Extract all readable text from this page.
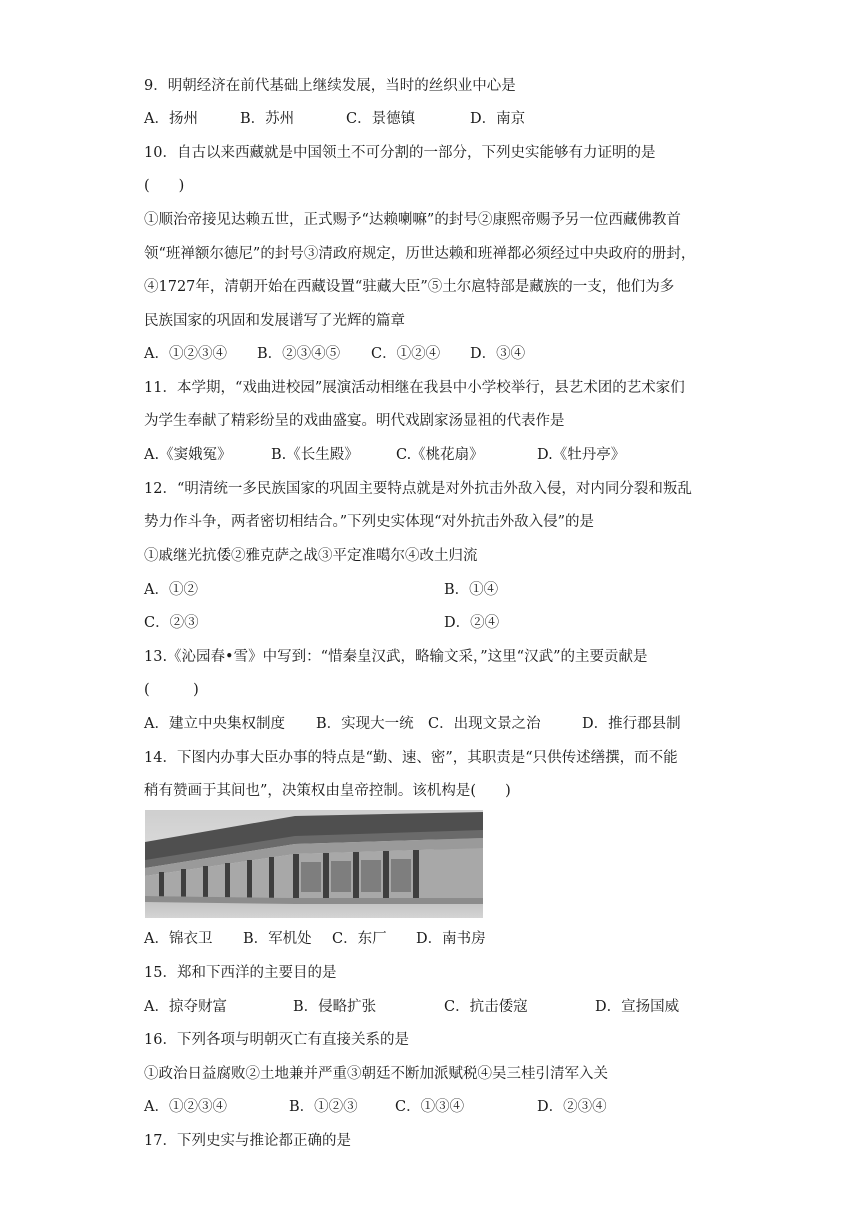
9．明朝经济在前代基础上继续发展，当时的丝织业中心是
A．扬州	B．苏州	C．景德镇	D．南京
10．自古以来西藏就是中国领土不可分割的一部分，下列史实能够有力证明的是
(　　)
①顺治帝接见达赖五世，正式赐予“达赖喇嘛”的封号②康熙帝赐予另一位西藏佛教首
领“班禅额尔德尼”的封号③清政府规定，历世达赖和班禅都必须经过中央政府的册封，
④1727年，清朝开始在西藏设置“驻藏大臣”⑤土尔扈特部是藏族的一支，他们为多
民族国家的巩固和发展谱写了光辉的篇章
A．①②③④ B．②③④⑤ C．①②④ D．③④
11．本学期，“戏曲进校园”展演活动相继在我县中小学校举行，县艺术团的艺术家们
为学生奉献了精彩纷呈的戏曲盛宴。明代戏剧家汤显祖的代表作是
A.《窦娥冤》	B.《长生殿》	C.《桃花扇》	D.《牡丹亭》
12．“明清统一多民族国家的巩固主要特点就是对外抗击外敌入侵，对内同分裂和叛乱
势力作斗争，两者密切相结合。”下列史实体现“对外抗击外敌入侵”的是
①戚继光抗倭②雅克萨之战③平定准噶尔④改土归流
A．①②	B．①④
C．②③	D．②④
13.《沁园春•雪》中写到：“惜秦皇汉武，略输文采，”这里“汉武”的主要贡献是
(　　　)
A．建立中央集权制度 B．实现大一统 C．出现文景之治	D．推行郡县制
14．下图内办事大臣办事的特点是“勤、速、密”，其职责是“只供传述缮撰，而不能
稍有赞画于其间也”，决策权由皇帝控制。该机构是(　　)
A．锦衣卫 B．军机处 C．东厂 D．南书房
15．郑和下西洋的主要目的是
A．掠夺财富	B．侵略扩张	C．抗击倭寇	D．宣扬国威
16．下列各项与明朝灭亡有直接关系的是
①政治日益腐败②土地兼并严重③朝廷不断加派赋税④吴三桂引清军入关
A．①②③④	B．①②③	C．①③④	D．②③④
17．下列史实与推论都正确的是
